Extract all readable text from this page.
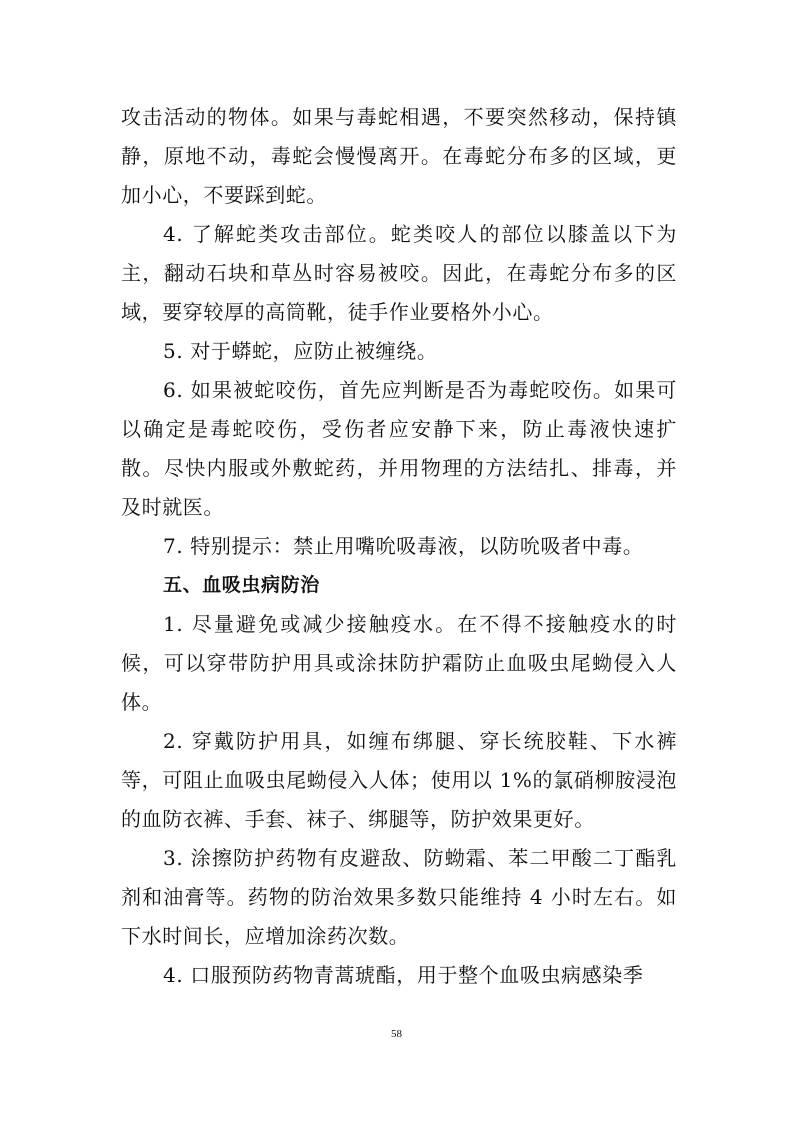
攻击活动的物体。如果与毒蛇相遇，不要突然移动，保持镇静，原地不动，毒蛇会慢慢离开。在毒蛇分布多的区域，更加小心，不要踩到蛇。

4. 了解蛇类攻击部位。蛇类咬人的部位以膝盖以下为主，翻动石块和草丛时容易被咬。因此，在毒蛇分布多的区域，要穿较厚的高筒靴，徒手作业要格外小心。

5. 对于蟒蛇，应防止被缠绕。

6. 如果被蛇咬伤，首先应判断是否为毒蛇咬伤。如果可以确定是毒蛇咬伤，受伤者应安静下来，防止毒液快速扩散。尽快内服或外敷蛇药，并用物理的方法结扎、排毒，并及时就医。

7. 特别提示：禁止用嘴吮吸毒液，以防吮吸者中毒。

五、血吸虫病防治

1. 尽量避免或减少接触疫水。在不得不接触疫水的时候，可以穿带防护用具或涂抹防护霜防止血吸虫尾蚴侵入人体。

2. 穿戴防护用具，如缠布绑腿、穿长统胶鞋、下水裤等，可阻止血吸虫尾蚴侵入人体；使用以 1%的氯硝柳胺浸泡的血防衣裤、手套、袜子、绑腿等，防护效果更好。

3. 涂擦防护药物有皮避敌、防蚴霜、苯二甲酸二丁酯乳剂和油膏等。药物的防治效果多数只能维持 4 小时左右。如下水时间长，应增加涂药次数。

4. 口服预防药物青蒿琥酯，用于整个血吸虫病感染季

58
